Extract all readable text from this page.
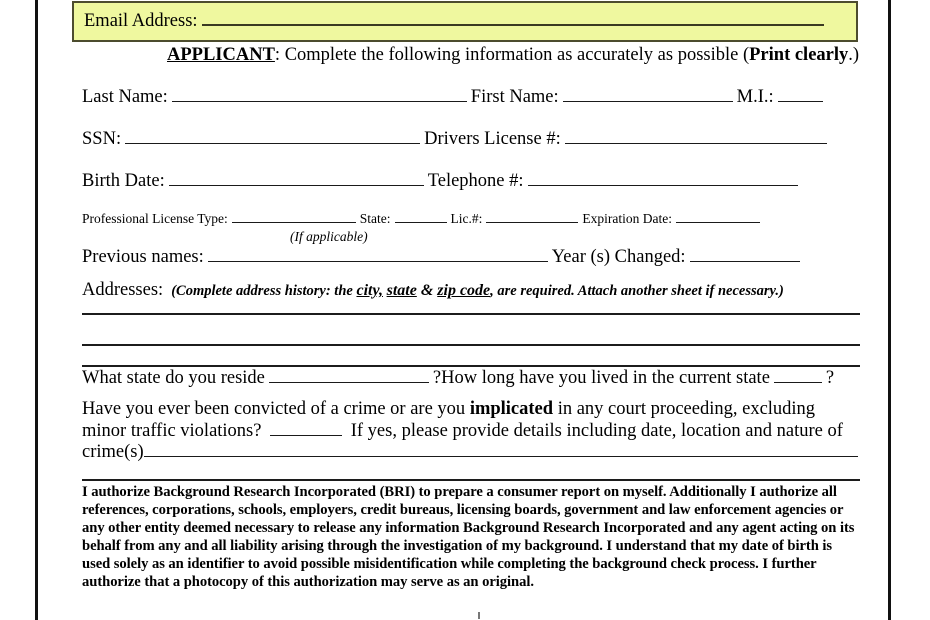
Email Address:
APPLICANT: Complete the following information as accurately as possible (Print clearly.)
Last Name:	First Name:	M.I.:
SSN:	Drivers License #:
Birth Date:	Telephone #:
Professional License Type:	State:	Lic.#:	Expiration Date:
(If applicable)
Previous names:	Year (s) Changed:
Addresses: (Complete address history: the city, state & zip code, are required. Attach another sheet if necessary.)
What state do you reside	? How long have you lived in the current state	?
Have you ever been convicted of a crime or are you implicated in any court proceeding, excluding
minor traffic violations?	If yes, please provide details including date, location and nature of
crime(s)
I authorize Background Research Incorporated (BRI) to prepare a consumer report on myself. Additionally I authorize all references, corporations, schools, employers, credit bureaus, licensing boards, government and law enforcement agencies or any other entity deemed necessary to release any information Background Research Incorporated and any agent acting on its behalf from any and all liability arising through the investigation of my background. I understand that my date of birth is used solely as an identifier to avoid possible misidentification while completing the background check process. I further authorize that a photocopy of this authorization may serve as an original.
